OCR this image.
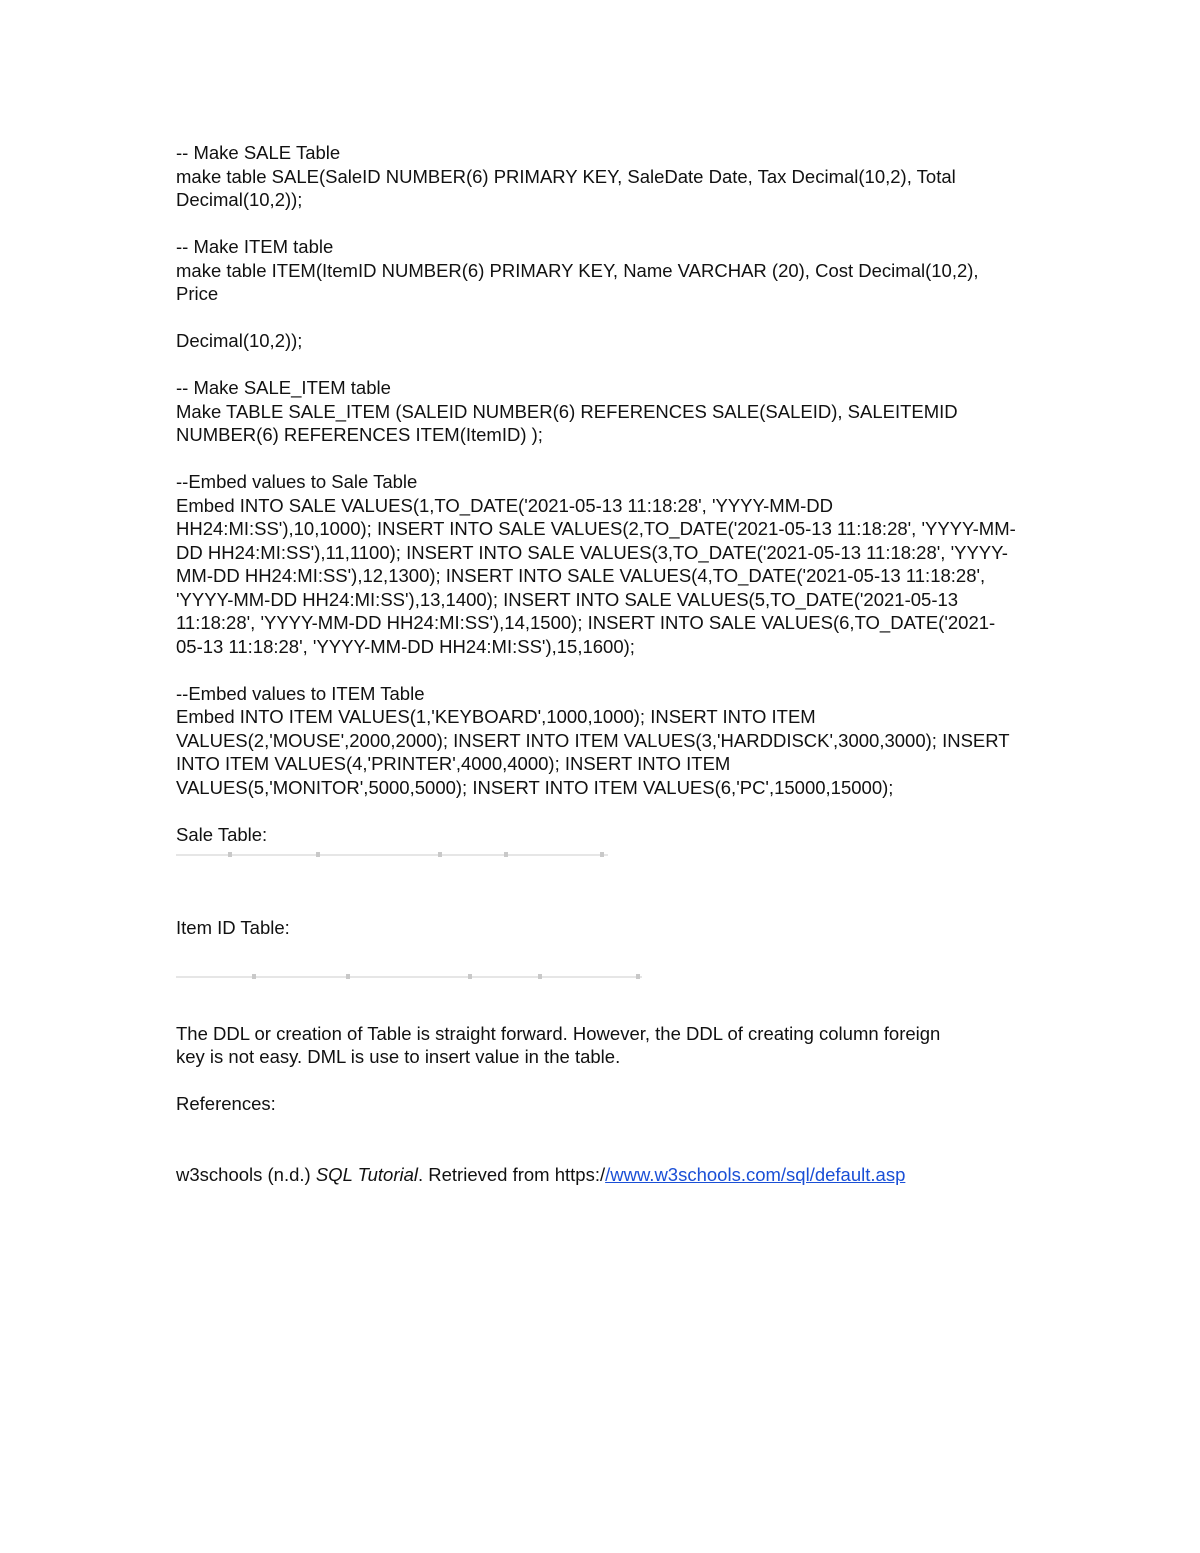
-- Make SALE Table
make table SALE(SaleID NUMBER(6) PRIMARY KEY, SaleDate Date, Tax Decimal(10,2), Total
Decimal(10,2));
-- Make ITEM table
make table ITEM(ItemID NUMBER(6) PRIMARY KEY, Name VARCHAR (20), Cost Decimal(10,2),
Price
Decimal(10,2));
-- Make SALE_ITEM table
Make TABLE SALE_ITEM (SALEID NUMBER(6) REFERENCES SALE(SALEID), SALEITEMID
NUMBER(6) REFERENCES ITEM(ItemID) );
--Embed values to Sale Table
Embed INTO SALE VALUES(1,TO_DATE('2021-05-13 11:18:28', 'YYYY-MM-DD
HH24:MI:SS'),10,1000); INSERT INTO SALE VALUES(2,TO_DATE('2021-05-13 11:18:28', 'YYYY-MM-
DD HH24:MI:SS'),11,1100); INSERT INTO SALE VALUES(3,TO_DATE('2021-05-13 11:18:28', 'YYYY-
MM-DD HH24:MI:SS'),12,1300); INSERT INTO SALE VALUES(4,TO_DATE('2021-05-13 11:18:28',
'YYYY-MM-DD HH24:MI:SS'),13,1400); INSERT INTO SALE VALUES(5,TO_DATE('2021-05-13
11:18:28', 'YYYY-MM-DD HH24:MI:SS'),14,1500); INSERT INTO SALE VALUES(6,TO_DATE('2021-
05-13 11:18:28', 'YYYY-MM-DD HH24:MI:SS'),15,1600);
--Embed values to ITEM Table
Embed INTO ITEM VALUES(1,'KEYBOARD',1000,1000); INSERT INTO ITEM
VALUES(2,'MOUSE',2000,2000); INSERT INTO ITEM VALUES(3,'HARDDISCK',3000,3000); INSERT
INTO ITEM VALUES(4,'PRINTER',4000,4000); INSERT INTO ITEM
VALUES(5,'MONITOR',5000,5000); INSERT INTO ITEM VALUES(6,'PC',15000,15000);
Sale Table:
Item ID Table:
The DDL or creation of Table is straight forward. However, the DDL of creating column foreign
key is not easy. DML is use to insert value in the table.
References:
w3schools (n.d.) SQL Tutorial. Retrieved from https://www.w3schools.com/sql/default.asp
